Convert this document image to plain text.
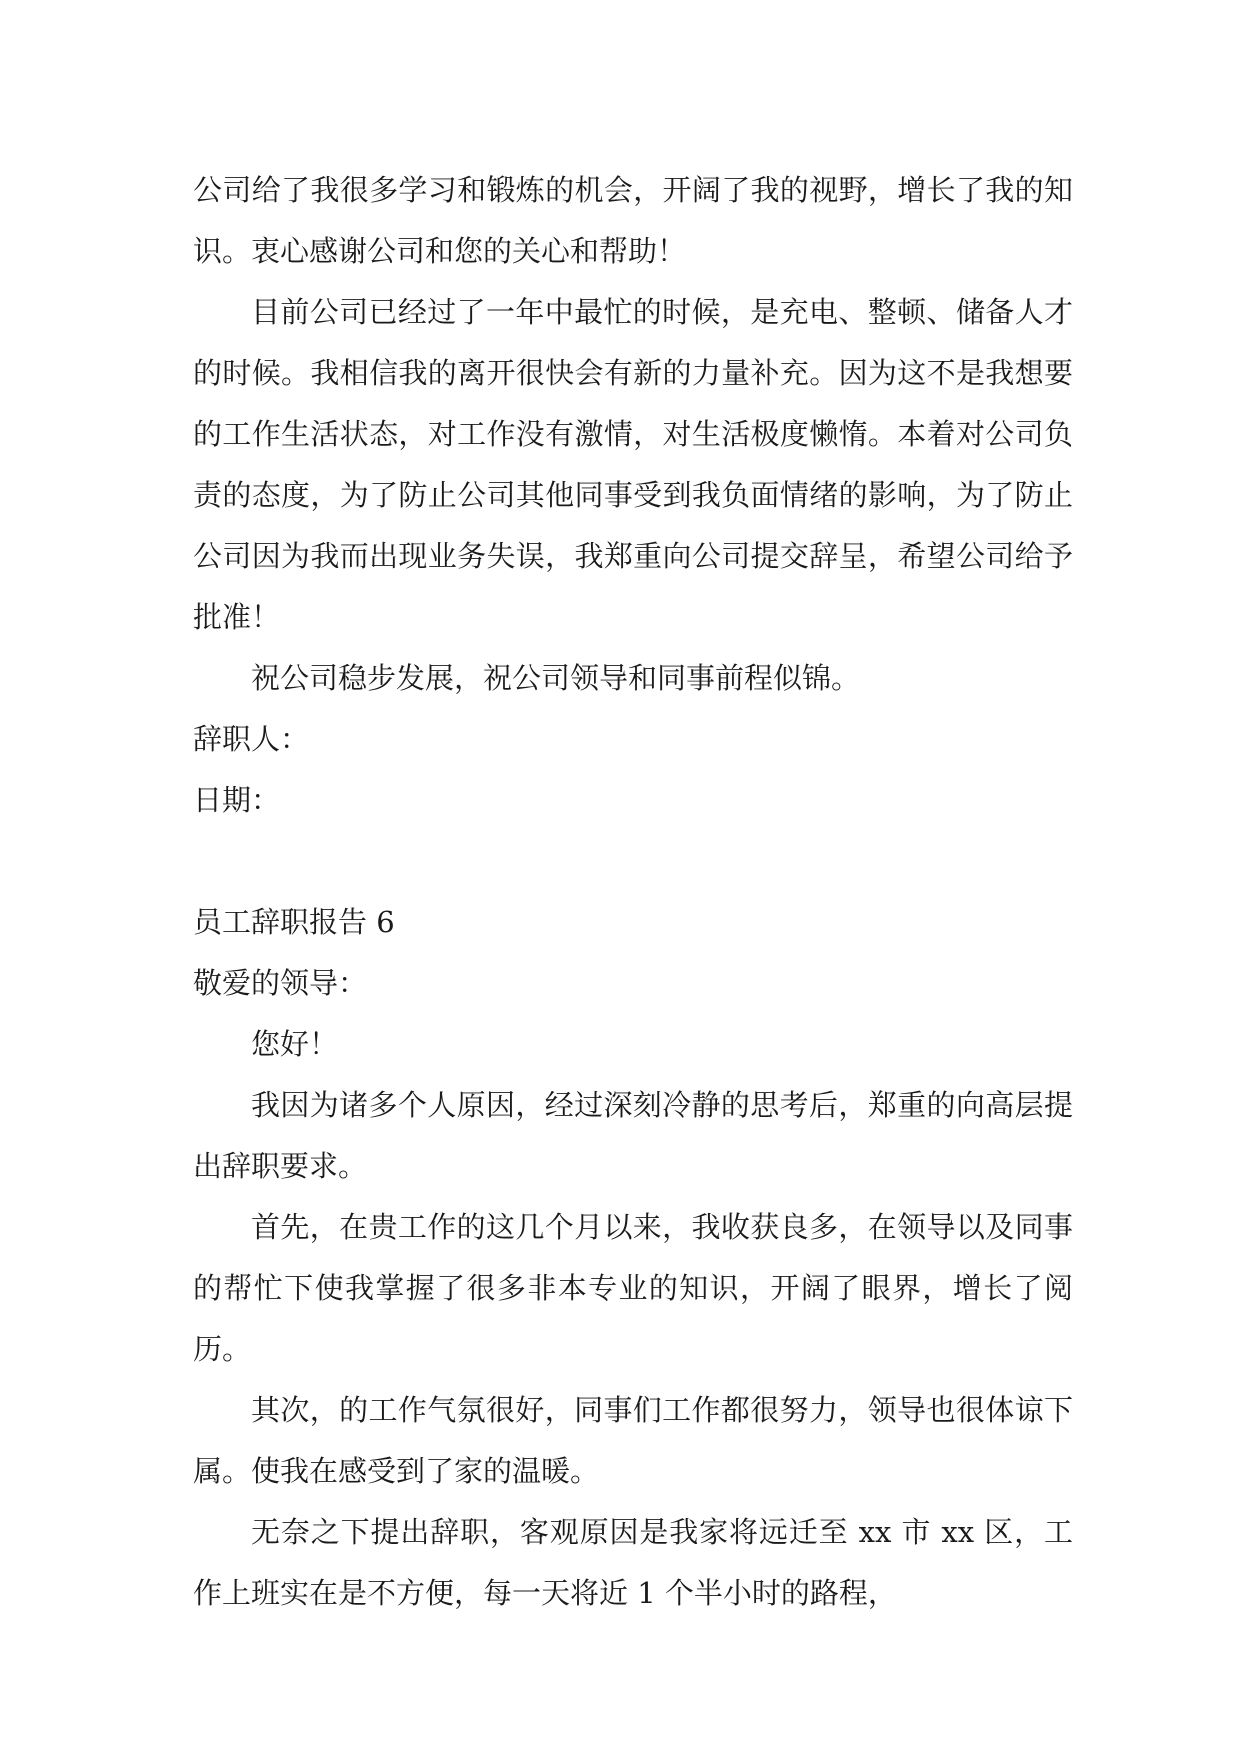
公司给了我很多学习和锻炼的机会，开阔了我的视野，增长了我的知识。衷心感谢公司和您的关心和帮助！

目前公司已经过了一年中最忙的时候，是充电、整顿、储备人才的时候。我相信我的离开很快会有新的力量补充。因为这不是我想要的工作生活状态，对工作没有激情，对生活极度懒惰。本着对公司负责的态度，为了防止公司其他同事受到我负面情绪的影响，为了防止公司因为我而出现业务失误，我郑重向公司提交辞呈，希望公司给予批准！

祝公司稳步发展，祝公司领导和同事前程似锦。

辞职人：

日期：

员工辞职报告 6

敬爱的领导：

您好！

我因为诸多个人原因，经过深刻冷静的思考后，郑重的向高层提出辞职要求。

首先，在贵工作的这几个月以来，我收获良多，在领导以及同事的帮忙下使我掌握了很多非本专业的知识，开阔了眼界，增长了阅历。

其次，的工作气氛很好，同事们工作都很努力，领导也很体谅下属。使我在感受到了家的温暖。

无奈之下提出辞职，客观原因是我家将远迁至 xx 市 xx 区，工作上班实在是不方便，每一天将近 1 个半小时的路程，
